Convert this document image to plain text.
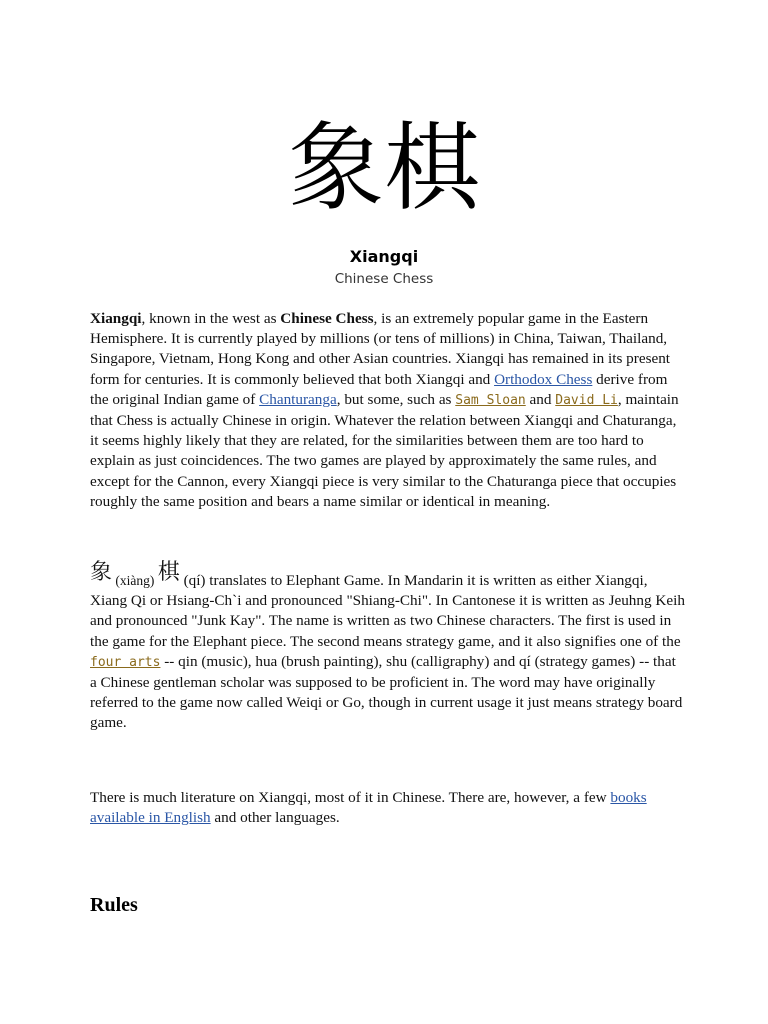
象棋
Xiangqi
Chinese Chess

Xiangqi, known in the west as Chinese Chess, is an extremely popular game in the Eastern Hemisphere. It is currently played by millions (or tens of millions) in China, Taiwan, Thailand, Singapore, Vietnam, Hong Kong and other Asian countries. Xiangqi has remained in its present form for centuries. It is commonly believed that both Xiangqi and Orthodox Chess derive from the original Indian game of Chanturanga, but some, such as Sam Sloan and David Li, maintain that Chess is actually Chinese in origin. Whatever the relation between Xiangqi and Chaturanga, it seems highly likely that they are related, for the similarities between them are too hard to explain as just coincidences. The two games are played by approximately the same rules, and except for the Cannon, every Xiangqi piece is very similar to the Chaturanga piece that occupies roughly the same position and bears a name similar or identical in meaning.

象 (xiàng) 棋 (qí) translates to Elephant Game. In Mandarin it is written as either Xiangqi, Xiang Qi or Hsiang-Ch`i and pronounced "Shiang-Chi". In Cantonese it is written as Jeuhng Keih and pronounced "Junk Kay". The name is written as two Chinese characters. The first is used in the game for the Elephant piece. The second means strategy game, and it also signifies one of the four arts -- qin (music), hua (brush painting), shu (calligraphy) and qí (strategy games) -- that a Chinese gentleman scholar was supposed to be proficient in. The word may have originally referred to the game now called Weiqi or Go, though in current usage it just means strategy board game.

There is much literature on Xiangqi, most of it in Chinese. There are, however, a few books available in English and other languages.

Rules
